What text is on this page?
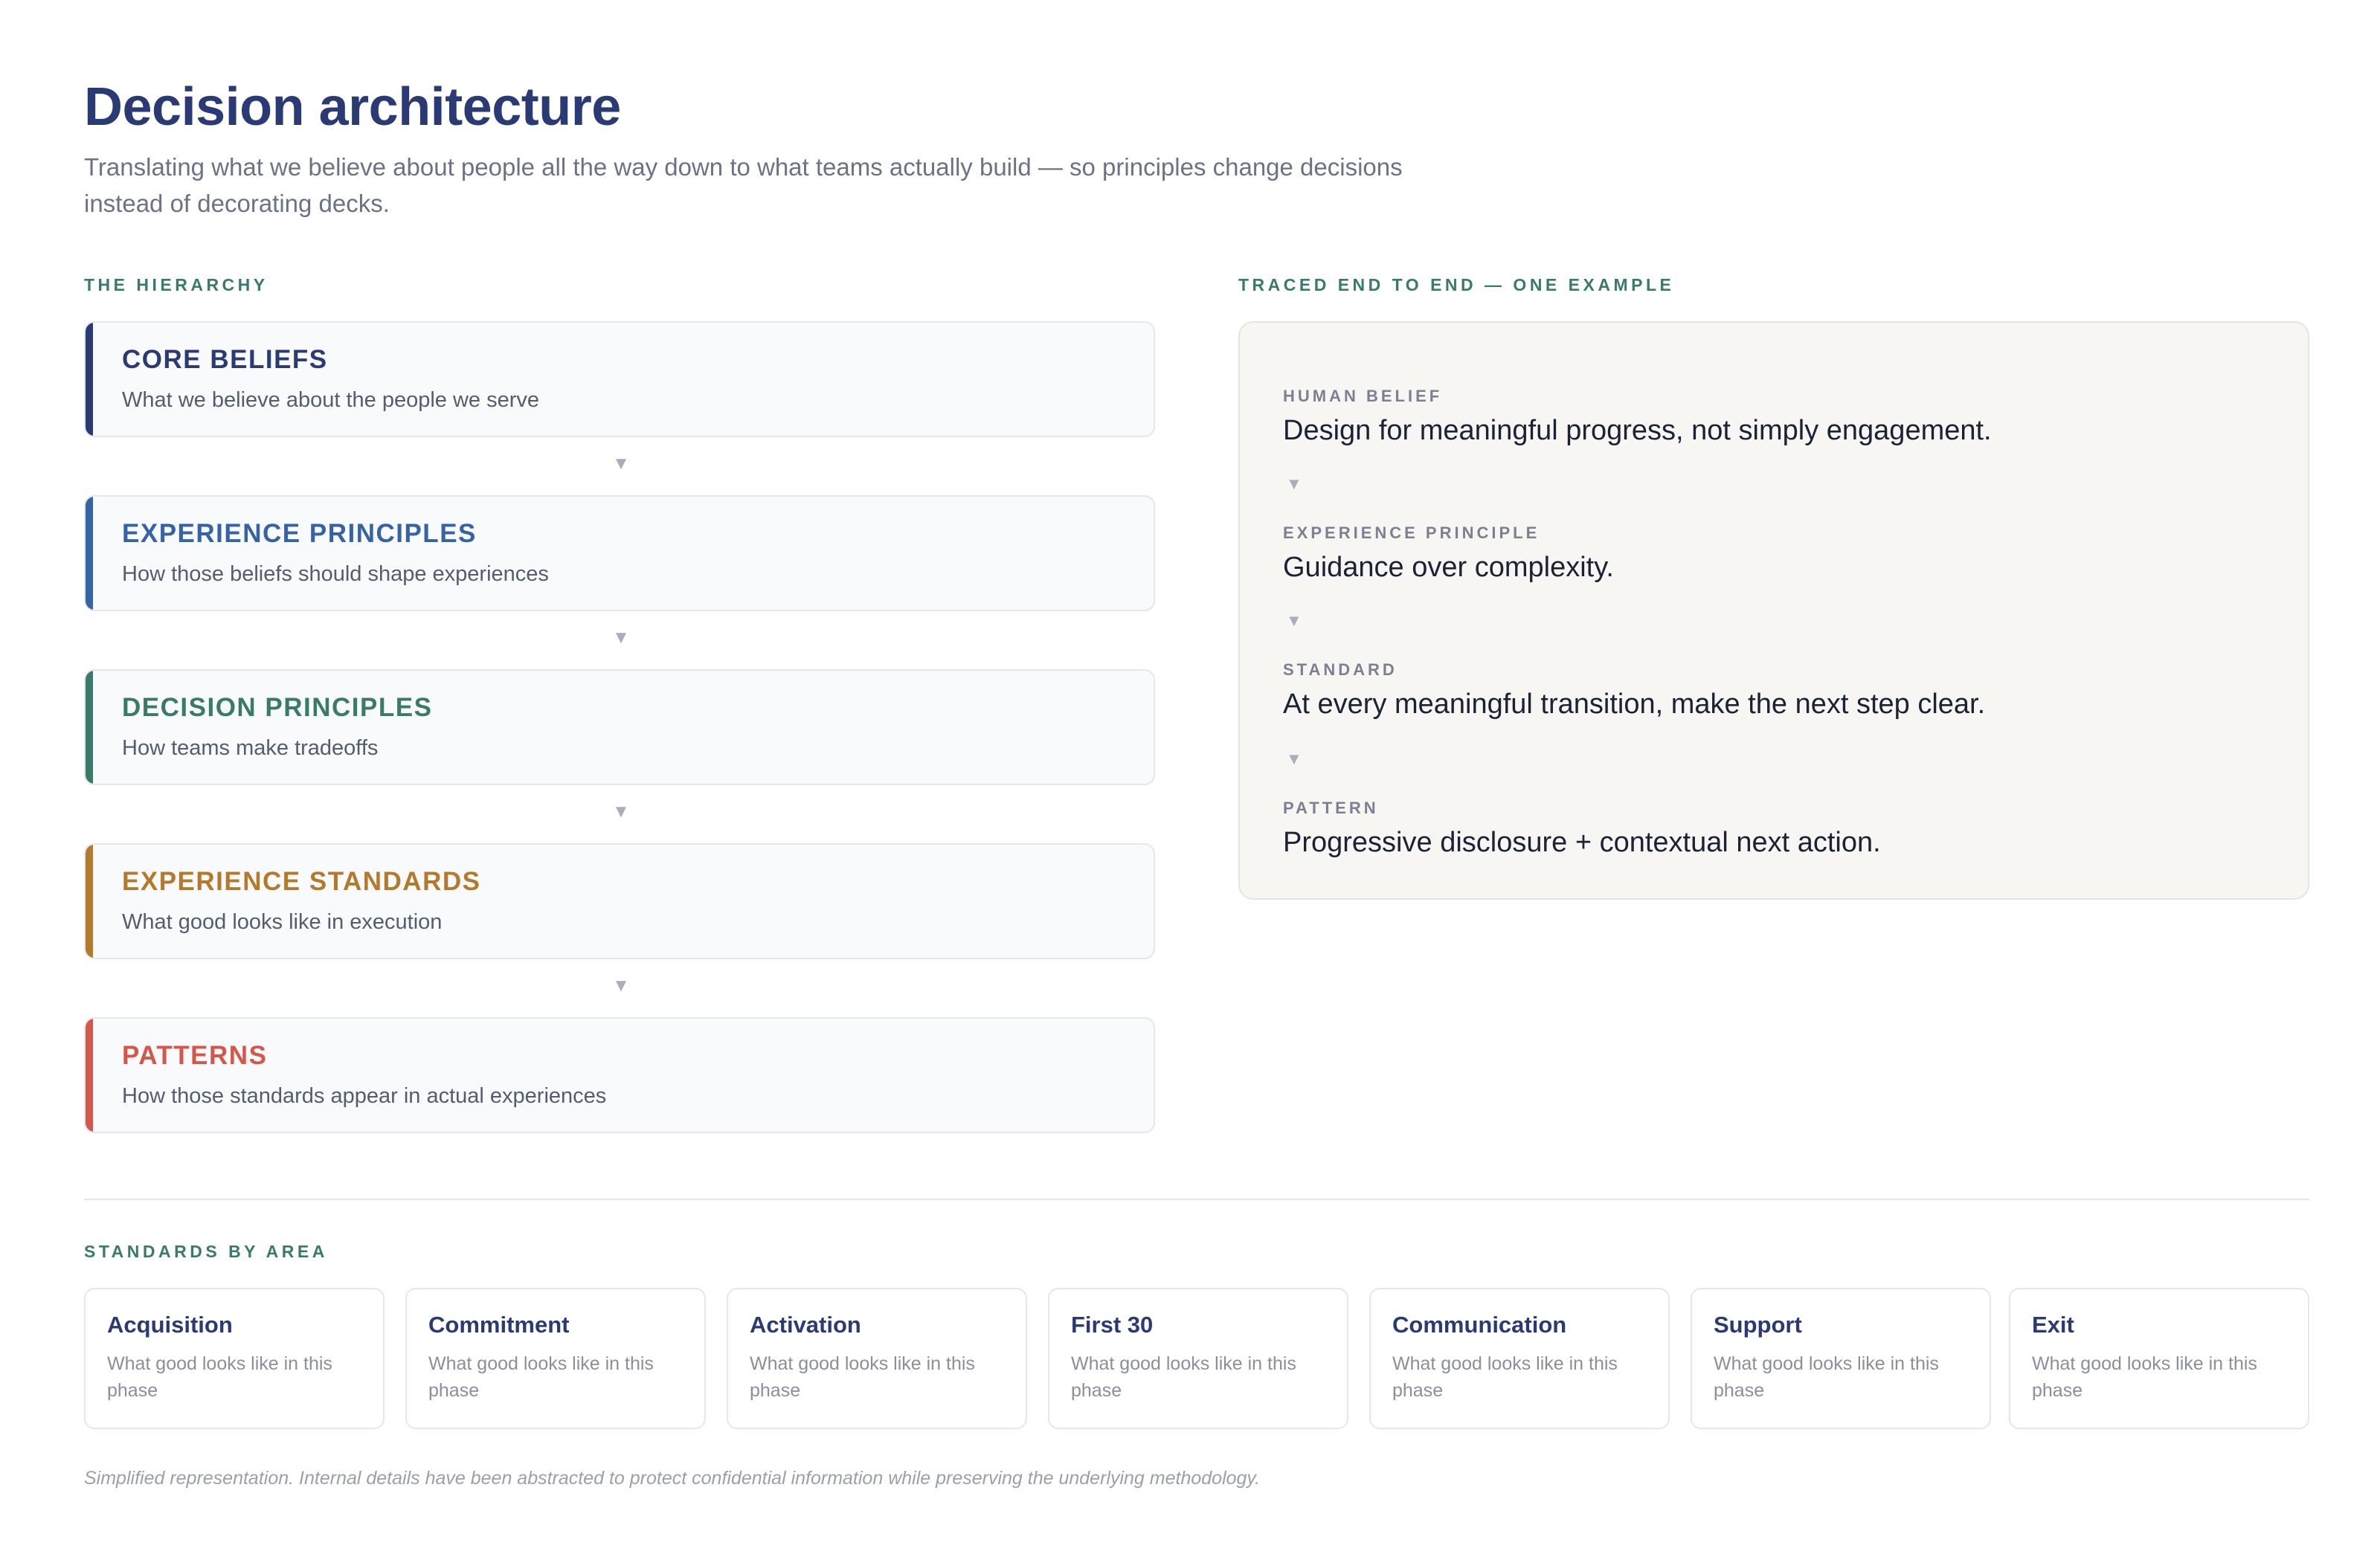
Decision architecture

Translating what we believe about people all the way down to what teams actually build — so principles change decisions instead of decorating decks.

THE HIERARCHY
CORE BELIEFS
What we believe about the people we serve
▼
EXPERIENCE PRINCIPLES
How those beliefs should shape experiences
▼
DECISION PRINCIPLES
How teams make tradeoffs
▼
EXPERIENCE STANDARDS
What good looks like in execution
▼
PATTERNS
How those standards appear in actual experiences
TRACED END TO END — ONE EXAMPLE
HUMAN BELIEF
Design for meaningful progress, not simply engagement.
▼
EXPERIENCE PRINCIPLE
Guidance over complexity.
▼
STANDARD
At every meaningful transition, make the next step clear.
▼
PATTERN
Progressive disclosure + contextual next action.
STANDARDS BY AREA
Acquisition
What good looks like in this phase
Commitment
What good looks like in this phase
Activation
What good looks like in this phase
First 30
What good looks like in this phase
Communication
What good looks like in this phase
Support
What good looks like in this phase
Exit
What good looks like in this phase
Simplified representation. Internal details have been abstracted to protect confidential information while preserving the underlying methodology.
